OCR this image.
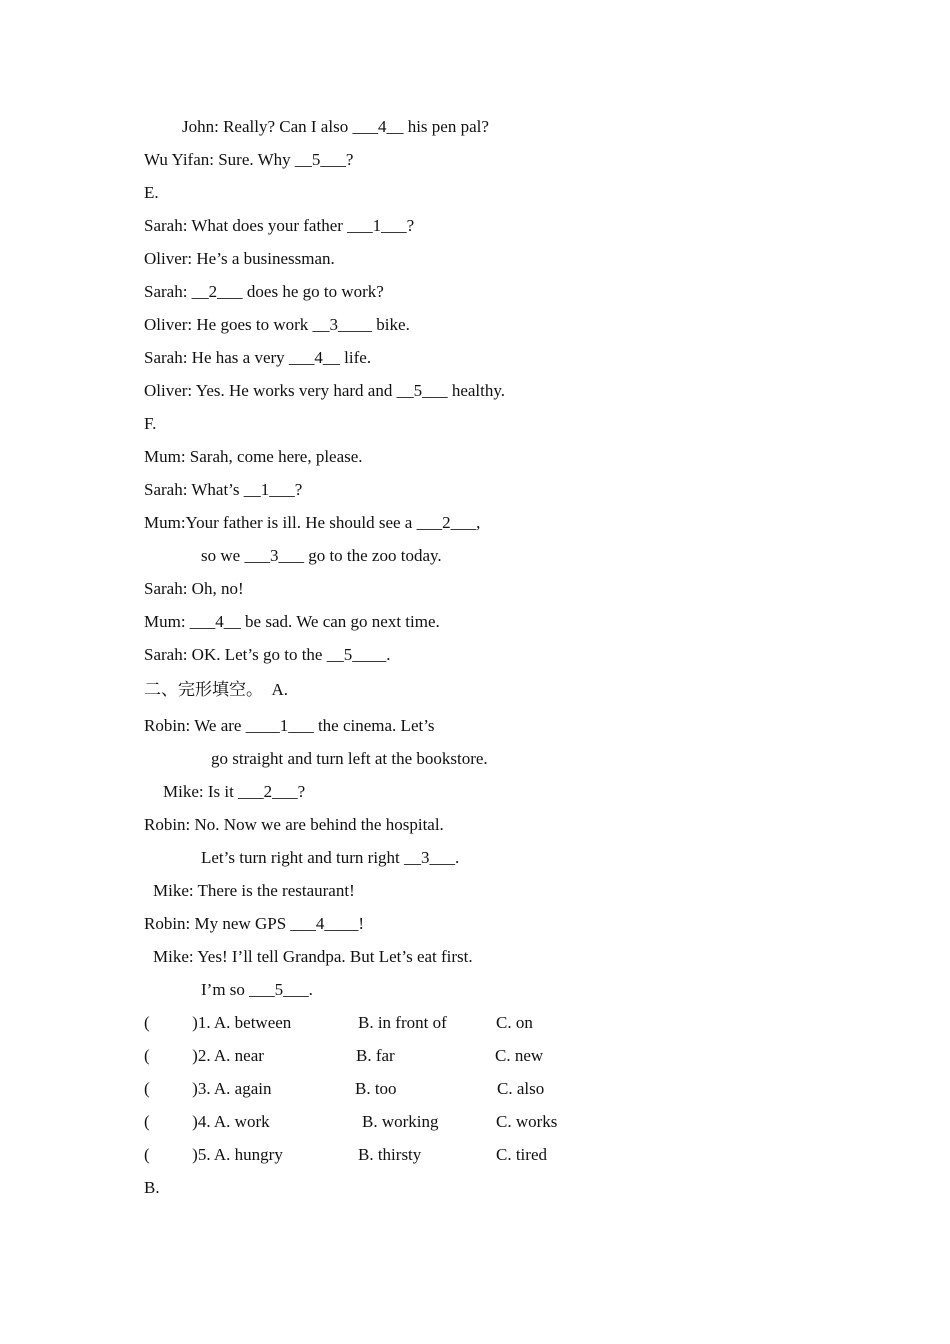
John: Really? Can I also ___4__ his pen pal?

Wu Yifan: Sure. Why __5___?

E.

Sarah: What does your father ___1___?

Oliver: He’s a businessman.

Sarah: __2___ does he go to work?

Oliver: He goes to work __3____ bike.

Sarah: He has a very ___4__ life.

Oliver: Yes. He works very hard and __5___ healthy.

F.

Mum: Sarah, come here, please.

Sarah: What’s __1___?

Mum:Your father is ill. He should see a ___2___,

so we ___3___ go to the zoo today.

Sarah: Oh, no!

Mum: ___4__ be sad. We can go next time.

Sarah: OK. Let’s go to the __5____.

二、完形填空。  A.

Robin: We are ____1___ the cinema. Let’s

go straight and turn left at the bookstore.

Mike: Is it ___2___?

Robin: No. Now we are behind the hospital.

Let’s turn right and turn right __3___.

Mike: There is the restaurant!

Robin: My new GPS ___4____!

Mike: Yes! I’ll tell Grandpa. But Let’s eat first.

I’m so ___5___.

(          )1. A. between	B. in front of	C. on
(          )2. A. near	B. far	C. new
(          )3. A. again	B. too	C. also
(          )4. A. work	B. working	C. works
(          )5. A. hungry	B. thirsty	C. tired

B.
